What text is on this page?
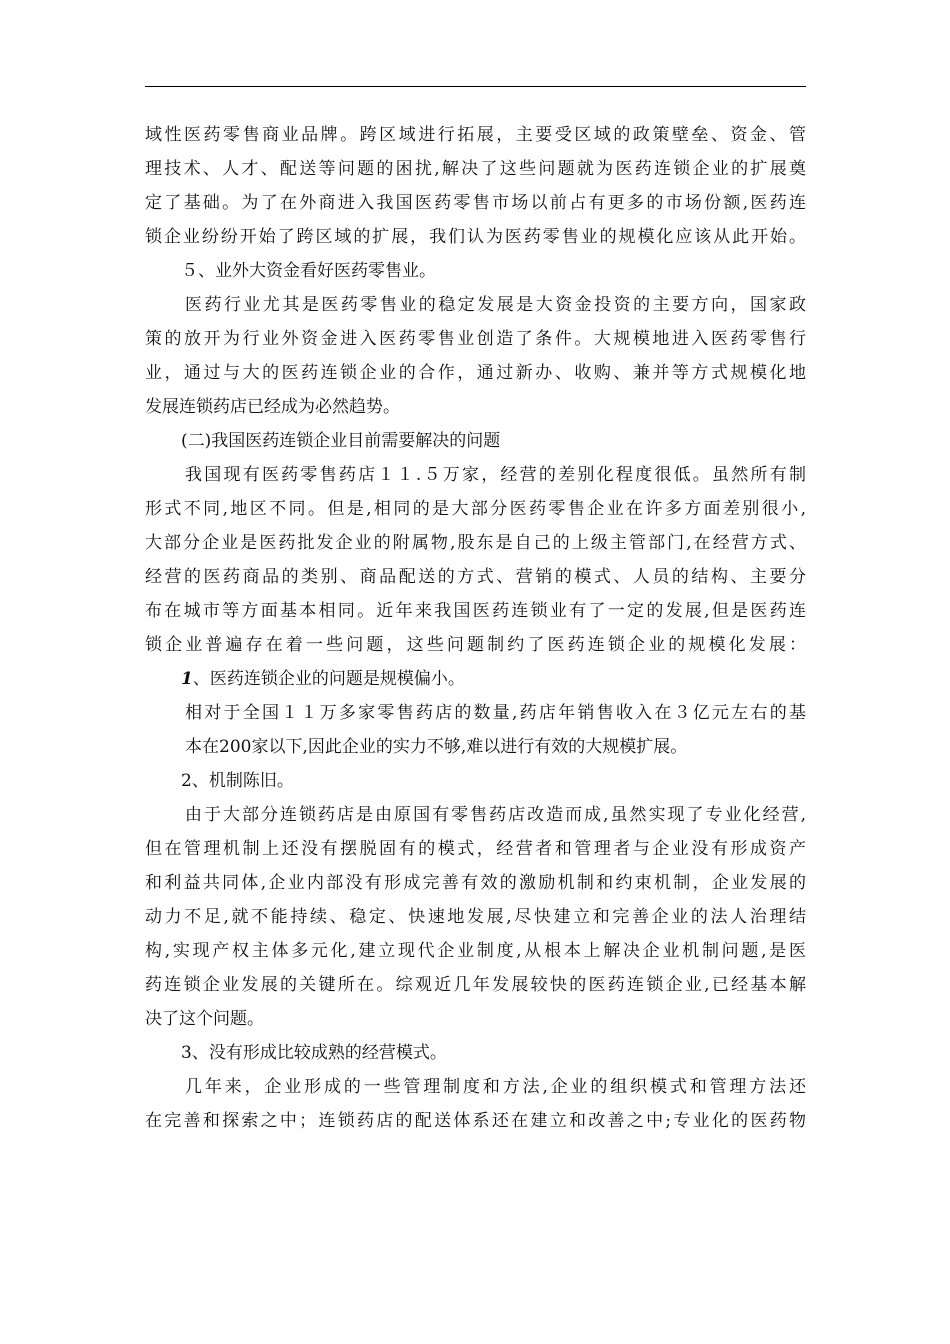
域性医药零售商业品牌。跨区域进行拓展，主要受区域的政策壁垒、资金、管
理技术、人才、配送等问题的困扰,解决了这些问题就为医药连锁企业的扩展奠
定了基础。为了在外商进入我国医药零售市场以前占有更多的市场份额,医药连
锁企业纷纷开始了跨区域的扩展，我们认为医药零售业的规模化应该从此开始。
５、业外大资金看好医药零售业。
医药行业尤其是医药零售业的稳定发展是大资金投资的主要方向，国家政
策的放开为行业外资金进入医药零售业创造了条件。大规模地进入医药零售行
业，通过与大的医药连锁企业的合作，通过新办、收购、兼并等方式规模化地
发展连锁药店已经成为必然趋势。
(二)我国医药连锁企业目前需要解决的问题
我国现有医药零售药店１１.５万家，经营的差别化程度很低。虽然所有制
形式不同,地区不同。但是,相同的是大部分医药零售企业在许多方面差别很小,
大部分企业是医药批发企业的附属物,股东是自己的上级主管部门,在经营方式、
经营的医药商品的类别、商品配送的方式、营销的模式、人员的结构、主要分
布在城市等方面基本相同。近年来我国医药连锁业有了一定的发展,但是医药连
锁企业普遍存在着一些问题，这些问题制约了医药连锁企业的规模化发展：
1、医药连锁企业的问题是规模偏小。
相对于全国１１万多家零售药店的数量,药店年销售收入在３亿元左右的基
本在200家以下,因此企业的实力不够,难以进行有效的大规模扩展。
2、机制陈旧。
由于大部分连锁药店是由原国有零售药店改造而成,虽然实现了专业化经营,
但在管理机制上还没有摆脱固有的模式，经营者和管理者与企业没有形成资产
和利益共同体,企业内部没有形成完善有效的激励机制和约束机制，企业发展的
动力不足,就不能持续、稳定、快速地发展,尽快建立和完善企业的法人治理结
构,实现产权主体多元化,建立现代企业制度,从根本上解决企业机制问题,是医
药连锁企业发展的关键所在。综观近几年发展较快的医药连锁企业,已经基本解
决了这个问题。
3、没有形成比较成熟的经营模式。
几年来，企业形成的一些管理制度和方法,企业的组织模式和管理方法还
在完善和探索之中；连锁药店的配送体系还在建立和改善之中;专业化的医药物
